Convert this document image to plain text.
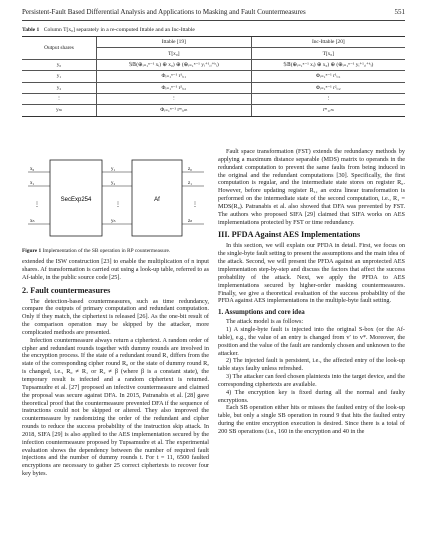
Persistent-Fault Based Differential Analysis and Applications to Masking and Fault Countermeasures	551
Table 1 Column T[x₀] separately in a re-computed Ittable and an Inc-Ittable
Output shares	Ittable [19]	Inc-Ittable [20]
	T[x₀]	T[x₀]
y₀	𝕊𝔹(⊕ᵢ₌₁ⁿ⁻¹ xᵢ) ⊕ x₀) ⊕ (⊕ᵢ₌₁ⁿ⁻¹ yᵢ⁺¹,ᵢ⁺ᵏᵢ)	𝕊𝔹(⊕ᵢ₌₁ⁿ⁻¹ xᵢ) ⊕ x₀) ⊕ (⊕ᵢ₌₁ⁿ⁻¹ yᵢ⁺¹,ᵢ⁺ᵏᵢ)
y₁	Φᵢ₌₁ⁿ⁻¹ r¹ᵢ,₁	Φᵢ₌₁ⁿ⁻¹ r¹ᵢ,₁
y₂	Φᵢ₌₁ⁿ⁻¹ r²ᵢ,₂	Φᵢ₌₁ⁿ⁻¹ r²ᵢ,₂
⋮	⋮	⋮
yₘ	Φᵢ₌₁ⁿ⁻¹ rᵐᵢ,ₘ	rᵐ₁,ₘ
SecExp254	Af
x₀
x₁
⋮
xₙ
y₁
y₂
⋮
yₙ
z₀
z₁
⋮
zₙ
Figure 1 Implementation of the SB operation in RP countermeasure.

extended the ISW construction [23] to enable the multiplication of n input shares. Af transformation is carried out using a look-up table, referred to as Af-table, in the public source code [25].

2. Fault countermeasures

The detection-based countermeasures, such as time redundancy, compare the outputs of primary computation and redundant computation. Only if they match, the ciphertext is released [26]. As the one-bit result of the comparison operation may be skipped by the attacker, more complicated methods are presented.

Infection countermeasure always return a ciphertext. A random order of cipher and redundant rounds together with dummy rounds are involved in the encryption process. If the state of a redundant round R₁ differs from the state of the corresponding cipher round R₀ or the state of dummy round Rₐ is changed, i.e., R₀ ≠ R₁ or R₂ ≠ β (where β is a constant state), the temporary result is infected and a random ciphertext is returned. Tupsamudre et al. [27] proposed an infective countermeasure and claimed the proposal was secure against DFA. In 2015, Patranabis et al. [28] gave theoretical proof that the countermeasure prevented DFA if the sequence of instructions could not be skipped or altered. They also improved the countermeasure by randomizing the order of the redundant and cipher rounds to reduce the success probability of the instruction skip attack. In 2018, SIFA [29] is also applied to the AES implementation secured by the infection countermeasure proposed by Tupsamudre et al. The experimental evaluation shows the dependency between the number of required fault injections and the number of dummy rounds t. For t = 11, 6500 faulted encryptions are necessary to gather 25 correct ciphertexts to recover four key bytes.

Fault space transformation (FST) extends the redundancy methods by applying a maximum distance separable (MDS) matrix to operands in the redundant computation to prevent the same faults from being induced in the original and the redundant computations [30]. Specifically, the first computation is regular, and the intermediate state stores on register R₀. However, before updating register R₁, an extra linear transformation is performed on the intermediate state of the second computation, i.e., R₁ = MDS(R₀). Patranabis et al. also showed that DFA was prevented by FST. The authors who proposed SIFA [29] claimed that SIFA works on AES implementations protected by FST or time redundancy.

III. PFDA Against AES Implementations

In this section, we will explain our PFDA in detail. First, we focus on the single-byte fault setting to present the assumptions and the main idea of the attack. Second, we will present the PFDA against an unprotected AES implementation step-by-step and discuss the factors that affect the success probability of the attack. Next, we apply the PFDA to AES implementations secured by higher-order masking countermeasures. Finally, we give a theoretical evaluation of the success probability of the PFDA against AES implementations in the multiple-byte fault setting.

1. Assumptions and core idea

The attack model is as follows:

1) A single-byte fault is injected into the original S-box (or the Af-table), e.g., the value of an entry is changed from v′ to v*. Moreover, the position and the value of the fault are randomly chosen and unknown to the attacker.

2) The injected fault is persistent, i.e., the affected entry of the look-up table stays faulty unless refreshed.

3) The attacker can feed chosen plaintexts into the target device, and the corresponding ciphertexts are available.

4) The encryption key is fixed during all the normal and faulty encryptions.

Each SB operation either hits or misses the faulted entry of the look-up table, but only a single SB operation in round 9 that hits the faulted entry during the entire encryption execution is desired. Since there is a total of 200 SB operations (i.e., 160 in the encryption and 40 in the
